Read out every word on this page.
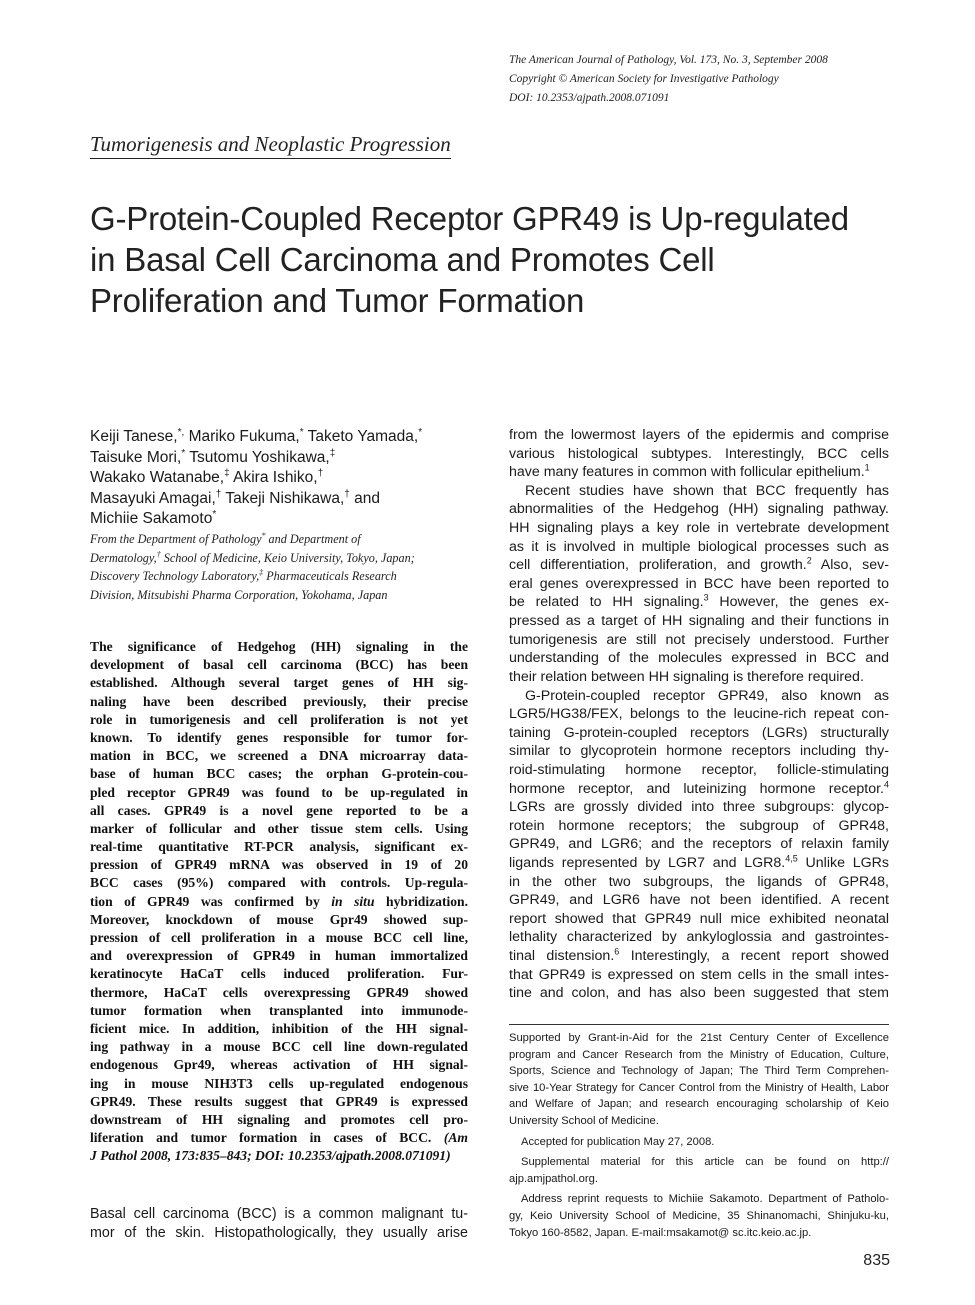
The American Journal of Pathology, Vol. 173, No. 3, September 2008
Copyright © American Society for Investigative Pathology
DOI: 10.2353/ajpath.2008.071091
Tumorigenesis and Neoplastic Progression
G-Protein-Coupled Receptor GPR49 is Up-regulated
in Basal Cell Carcinoma and Promotes Cell
Proliferation and Tumor Formation
Keiji Tanese,*, Mariko Fukuma,* Taketo Yamada,*
Taisuke Mori,* Tsutomu Yoshikawa,‡
Wakako Watanabe,‡ Akira Ishiko,†
Masayuki Amagai,† Takeji Nishikawa,† and
Michiie Sakamoto*
From the Department of Pathology* and Department of
Dermatology,† School of Medicine, Keio University, Tokyo, Japan;
Discovery Technology Laboratory,‡ Pharmaceuticals Research
Division, Mitsubishi Pharma Corporation, Yokohama, Japan
The significance of Hedgehog (HH) signaling in the
development of basal cell carcinoma (BCC) has been
established. Although several target genes of HH sig-
naling have been described previously, their precise
role in tumorigenesis and cell proliferation is not yet
known. To identify genes responsible for tumor for-
mation in BCC, we screened a DNA microarray data-
base of human BCC cases; the orphan G-protein-cou-
pled receptor GPR49 was found to be up-regulated in
all cases. GPR49 is a novel gene reported to be a
marker of follicular and other tissue stem cells. Using
real-time quantitative RT-PCR analysis, significant ex-
pression of GPR49 mRNA was observed in 19 of 20
BCC cases (95%) compared with controls. Up-regula-
tion of GPR49 was confirmed by in situ hybridization.
Moreover, knockdown of mouse Gpr49 showed sup-
pression of cell proliferation in a mouse BCC cell line,
and overexpression of GPR49 in human immortalized
keratinocyte HaCaT cells induced proliferation. Fur-
thermore, HaCaT cells overexpressing GPR49 showed
tumor formation when transplanted into immunode-
ficient mice. In addition, inhibition of the HH signal-
ing pathway in a mouse BCC cell line down-regulated
endogenous Gpr49, whereas activation of HH signal-
ing in mouse NIH3T3 cells up-regulated endogenous
GPR49. These results suggest that GPR49 is expressed
downstream of HH signaling and promotes cell pro-
liferation and tumor formation in cases of BCC. (Am
J Pathol 2008, 173:835–843; DOI: 10.2353/ajpath.2008.071091)
Basal cell carcinoma (BCC) is a common malignant tu-
mor of the skin. Histopathologically, they usually arise
from the lowermost layers of the epidermis and comprise
various histological subtypes. Interestingly, BCC cells
have many features in common with follicular epithelium.$^1$
Recent studies have shown that BCC frequently has
abnormalities of the Hedgehog (HH) signaling pathway.
HH signaling plays a key role in vertebrate development
as it is involved in multiple biological processes such as
cell differentiation, proliferation, and growth.$^2$ Also, sev-
eral genes overexpressed in BCC have been reported to
be related to HH signaling.$^3$ However, the genes ex-
pressed as a target of HH signaling and their functions in
tumorigenesis are still not precisely understood. Further
understanding of the molecules expressed in BCC and
their relation between HH signaling is therefore required.
G-Protein-coupled receptor GPR49, also known as
LGR5/HG38/FEX, belongs to the leucine-rich repeat con-
taining G-protein-coupled receptors (LGRs) structurally
similar to glycoprotein hormone receptors including thy-
roid-stimulating hormone receptor, follicle-stimulating
hormone receptor, and luteinizing hormone receptor.$^4$
LGRs are grossly divided into three subgroups: glycop-
rotein hormone receptors; the subgroup of GPR48,
GPR49, and LGR6; and the receptors of relaxin family
ligands represented by LGR7 and LGR8.$^{4,5}$ Unlike LGRs
in the other two subgroups, the ligands of GPR48,
GPR49, and LGR6 have not been identified. A recent
report showed that GPR49 null mice exhibited neonatal
lethality characterized by ankyloglossia and gastrointes-
tinal distension.$^6$ Interestingly, a recent report showed
that GPR49 is expressed on stem cells in the small intes-
tine and colon, and has also been suggested that stem
Supported by Grant-in-Aid for the 21st Century Center of Excellence
program and Cancer Research from the Ministry of Education, Culture,
Sports, Science and Technology of Japan; The Third Term Comprehen-
sive 10-Year Strategy for Cancer Control from the Ministry of Health, Labor
and Welfare of Japan; and research encouraging scholarship of Keio
University School of Medicine.
Accepted for publication May 27, 2008.
Supplemental material for this article can be found on http://
ajp.amjpathol.org.
Address reprint requests to Michiie Sakamoto. Department of Patholo-
gy, Keio University School of Medicine, 35 Shinanomachi, Shinjuku-ku,
Tokyo 160-8582, Japan. E-mail:msakamot@ sc.itc.keio.ac.jp.
835
